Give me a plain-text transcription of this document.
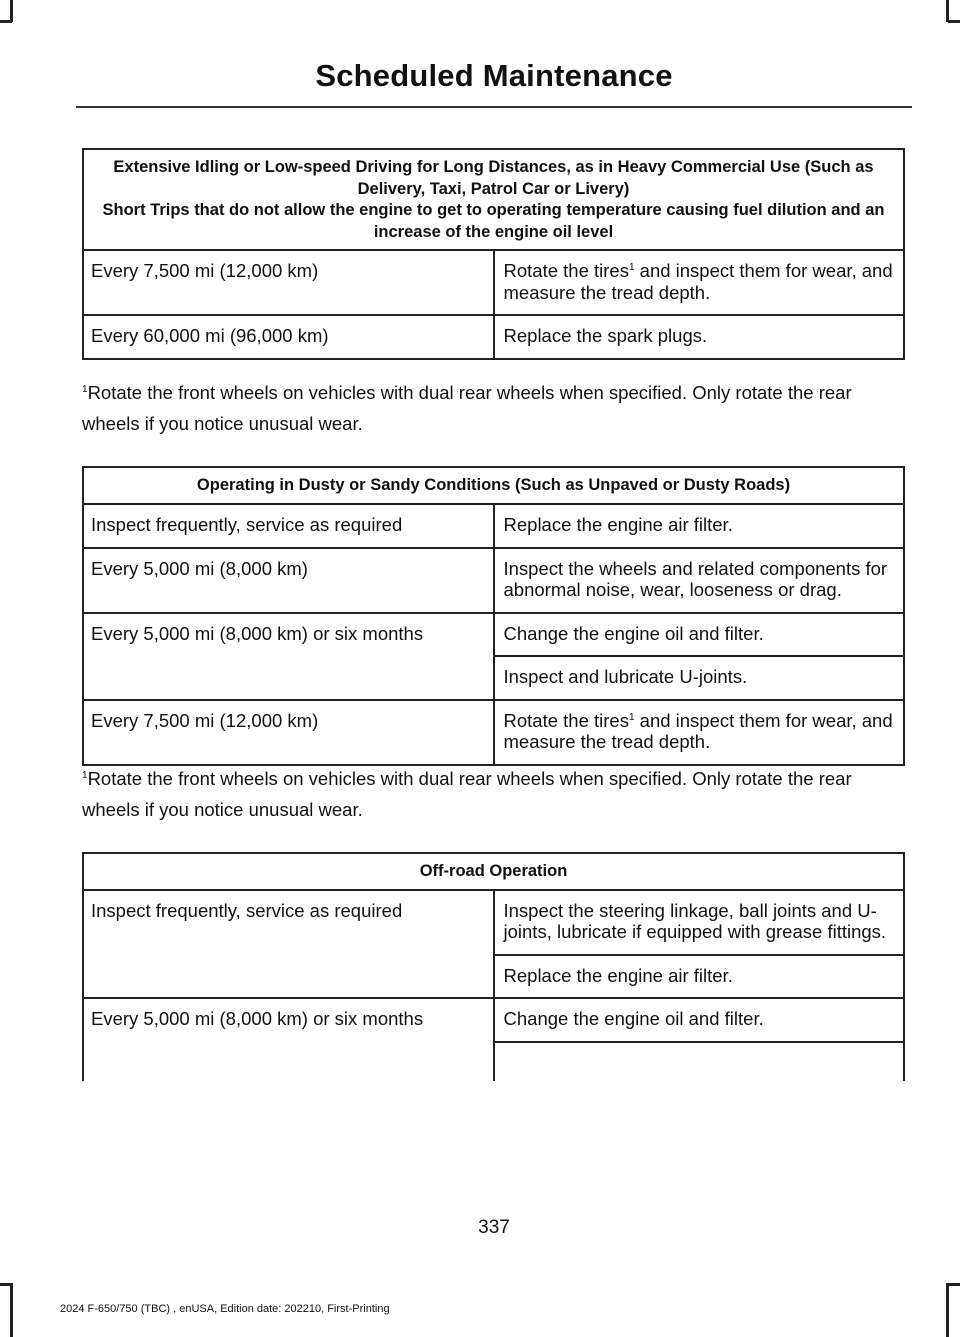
Scheduled Maintenance
Extensive Idling or Low-speed Driving for Long Distances, as in Heavy Commercial Use (Such as Delivery, Taxi, Patrol Car or Livery)
Short Trips that do not allow the engine to get to operating temperature causing fuel dilution and an increase of the engine oil level	

Every 7,500 mi (12,000 km)	Rotate the tires$^1$ and inspect them for wear, and measure the tread depth.
Every 60,000 mi (96,000 km)	Replace the spark plugs.
$^1$Rotate the front wheels on vehicles with dual rear wheels when specified. Only rotate the rear wheels if you notice unusual wear.
Operating in Dusty or Sandy Conditions (Such as Unpaved or Dusty Roads)	

Inspect frequently, service as required	Replace the engine air filter.
Every 5,000 mi (8,000 km)	Inspect the wheels and related components for abnormal noise, wear, looseness or drag.
Every 5,000 mi (8,000 km) or six months	Change the engine oil and filter.
	Inspect and lubricate U-joints.
Every 7,500 mi (12,000 km)	Rotate the tires$^1$ and inspect them for wear, and measure the tread depth.
$^1$Rotate the front wheels on vehicles with dual rear wheels when specified. Only rotate the rear wheels if you notice unusual wear.
Off-road Operation	

Inspect frequently, service as required	Inspect the steering linkage, ball joints and U-joints, lubricate if equipped with grease fittings.
	Replace the engine air filter.
Every 5,000 mi (8,000 km) or six months	Change the engine oil and filter.

337
2024 F-650/750 (TBC) , enUSA, Edition date: 202210, First-Printing
